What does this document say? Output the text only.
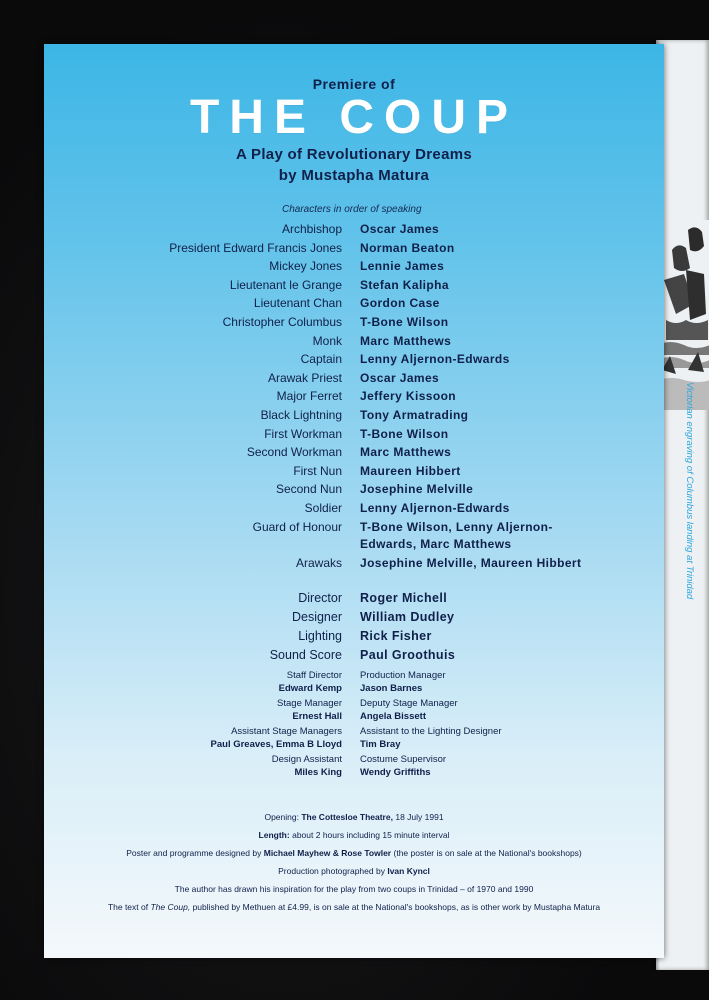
Victorian engraving of Columbus landing at Trinidad
Premiere of
THE COUP
A Play of Revolutionary Dreams
by Mustapha Matura
Characters in order of speaking
Archbishop Oscar James
President Edward Francis Jones Norman Beaton
Mickey Jones Lennie James
Lieutenant le Grange Stefan Kalipha
Lieutenant Chan Gordon Case
Christopher Columbus T-Bone Wilson
Monk Marc Matthews
Captain Lenny Aljernon-Edwards
Arawak Priest Oscar James
Major Ferret Jeffery Kissoon
Black Lightning Tony Armatrading
First Workman T-Bone Wilson
Second Workman Marc Matthews
First Nun Maureen Hibbert
Second Nun Josephine Melville
Soldier Lenny Aljernon-Edwards
Guard of Honour T-Bone Wilson, Lenny Aljernon-
Edwards, Marc Matthews
Arawaks Josephine Melville, Maureen Hibbert
Director Roger Michell
Designer William Dudley
Lighting Rick Fisher
Sound Score Paul Groothuis
Staff Director
Edward Kemp
Production Manager
Jason Barnes
Stage Manager
Ernest Hall
Deputy Stage Manager
Angela Bissett
Assistant Stage Managers
Paul Greaves, Emma B Lloyd
Assistant to the Lighting Designer
Tim Bray
Design Assistant
Miles King
Costume Supervisor
Wendy Griffiths
Opening: The Cottesloe Theatre, 18 July 1991
Length: about 2 hours including 15 minute interval
Poster and programme designed by Michael Mayhew & Rose Towler (the poster is on sale at the National's bookshops)
Production photographed by Ivan Kyncl
The author has drawn his inspiration for the play from two coups in Trinidad – of 1970 and 1990
The text of The Coup, published by Methuen at £4.99, is on sale at the National's bookshops, as is other work by Mustapha Matura
